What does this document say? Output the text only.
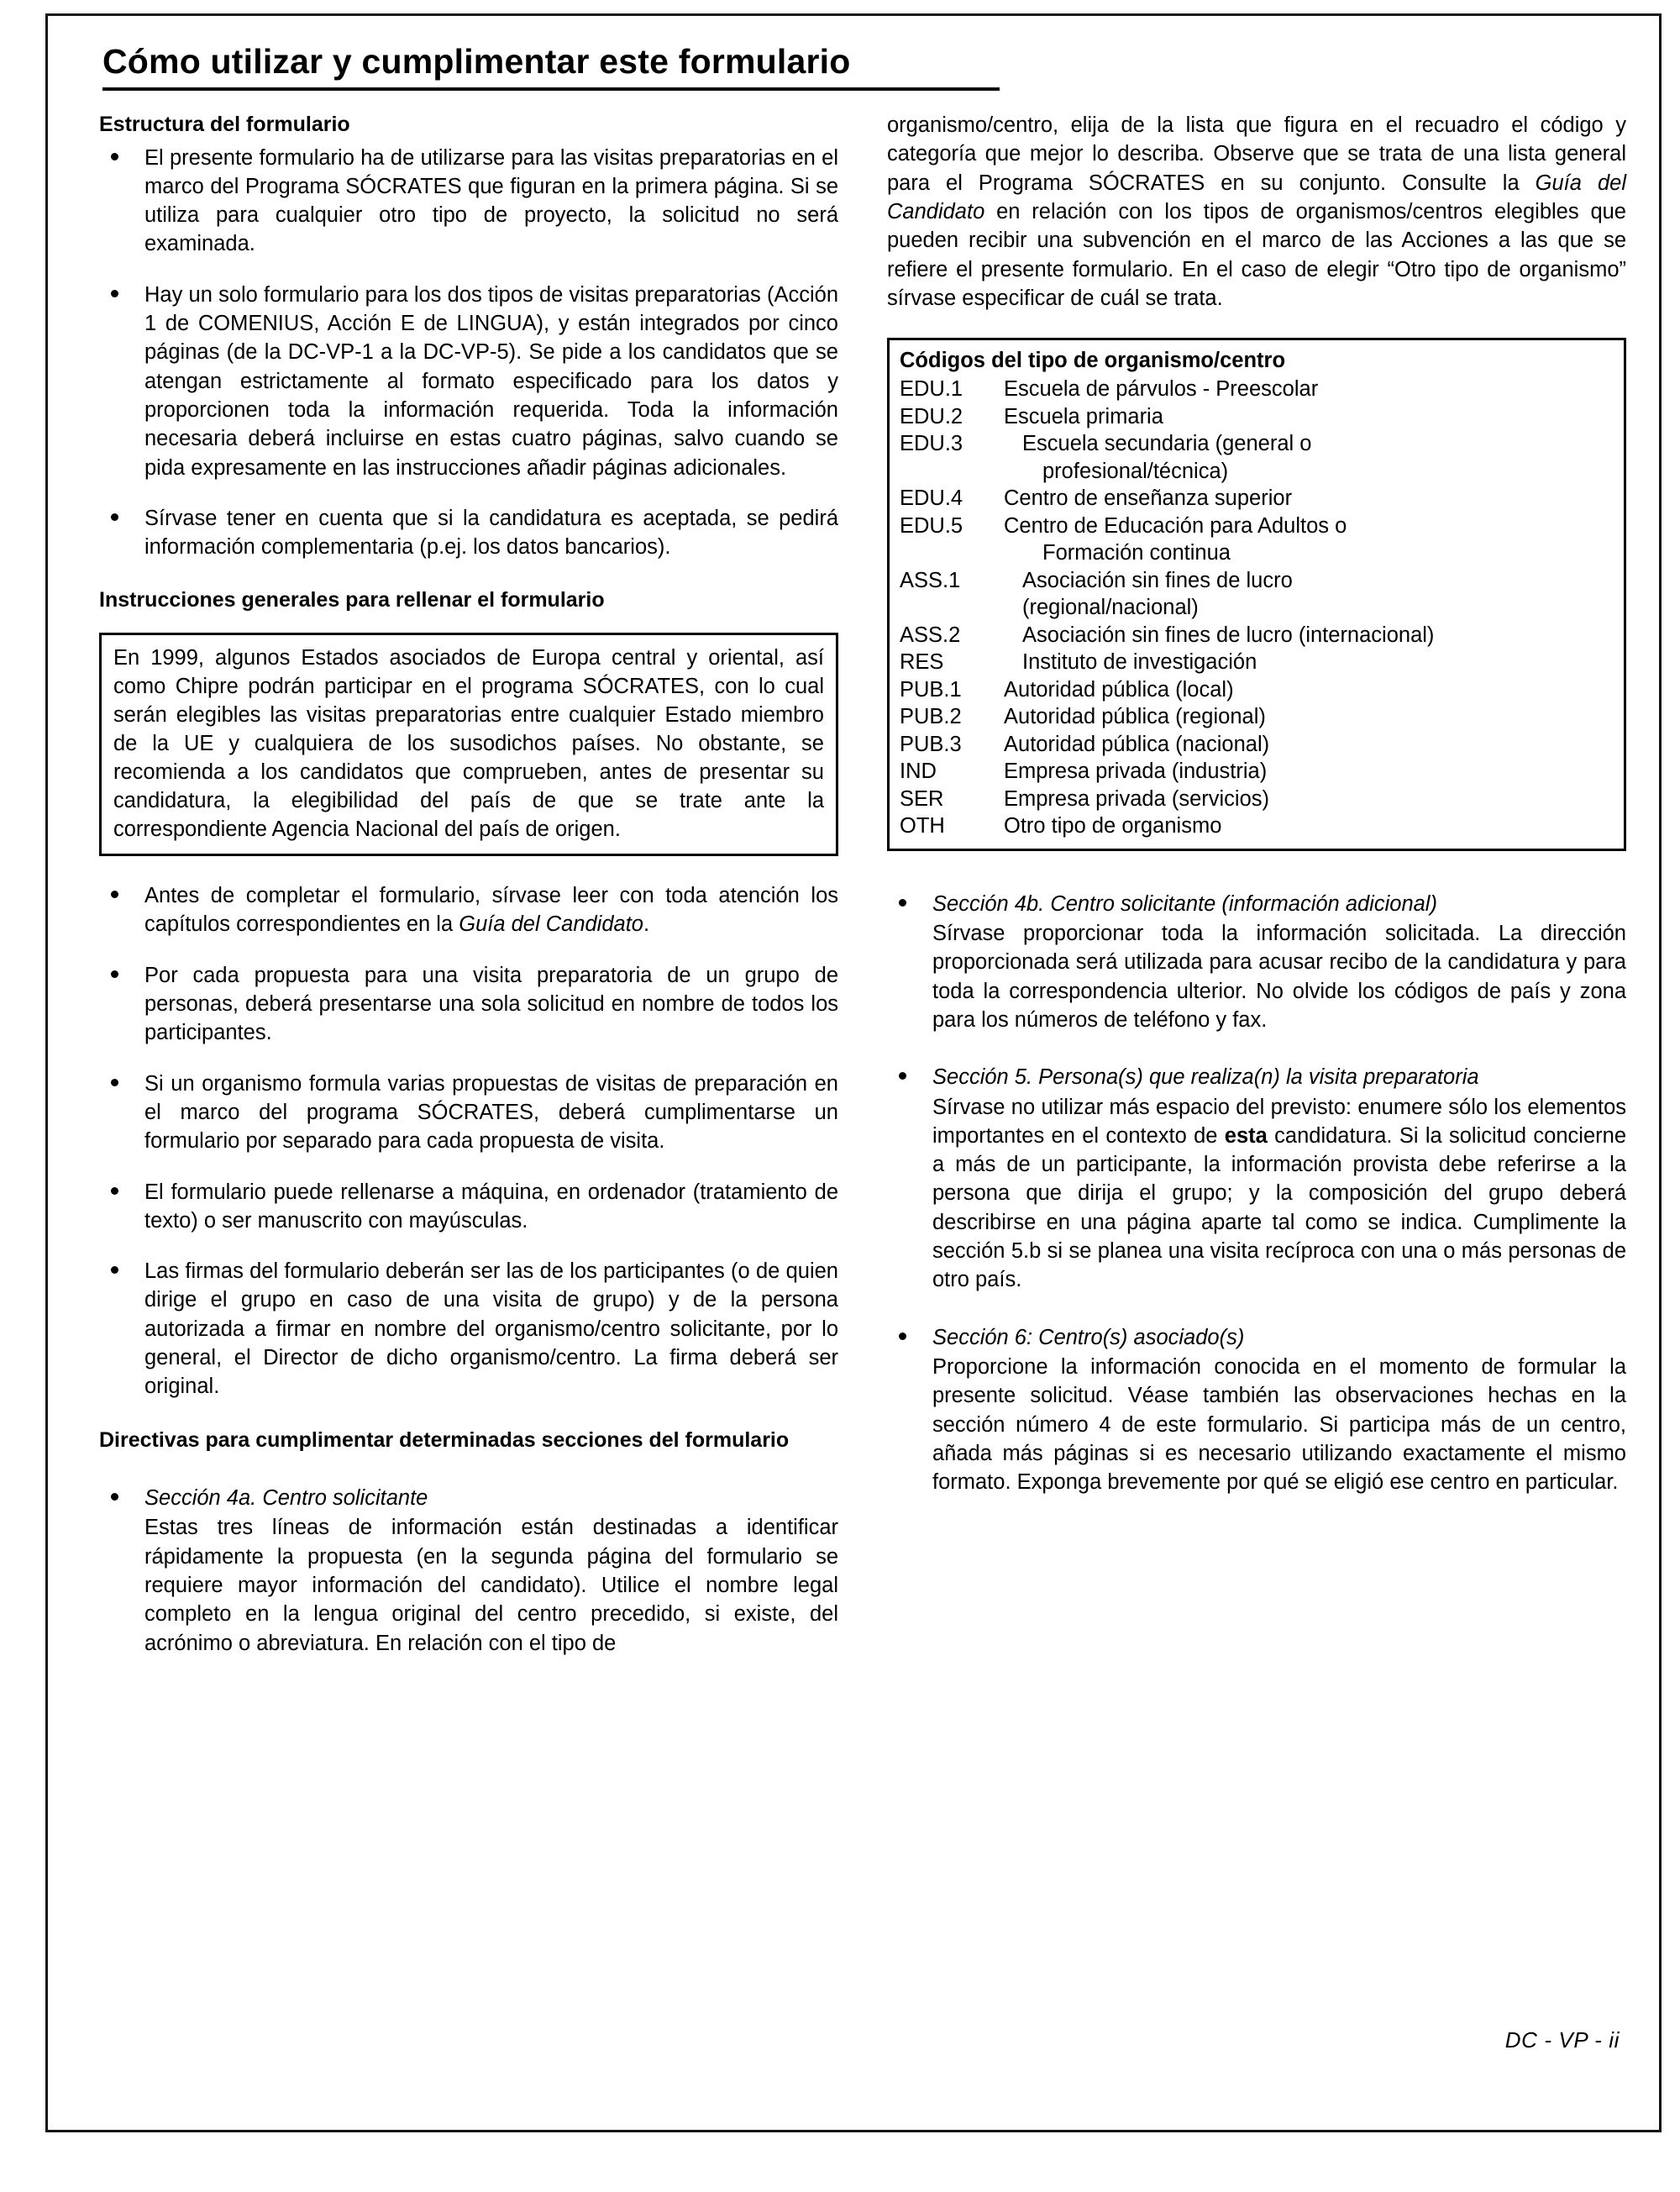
Cómo utilizar y cumplimentar este formulario
Estructura del formulario
El presente formulario ha de utilizarse para las visitas preparatorias en el marco del Programa SÓCRATES que figuran en la primera página. Si se utiliza para cualquier otro tipo de proyecto, la solicitud no será examinada.
Hay un solo formulario para los dos tipos de visitas preparatorias (Acción 1 de COMENIUS, Acción E de LINGUA), y están integrados por cinco páginas (de la DC-VP-1 a la DC-VP-5). Se pide a los candidatos que se atengan estrictamente al formato especificado para los datos y proporcionen toda la información requerida. Toda la información necesaria deberá incluirse en estas cuatro páginas, salvo cuando se pida expresamente en las instrucciones añadir páginas adicionales.
Sírvase tener en cuenta que si la candidatura es aceptada, se pedirá información complementaria (p.ej. los datos bancarios).
Instrucciones generales para rellenar el formulario
En 1999, algunos Estados asociados de Europa central y oriental, así como Chipre podrán participar en el programa SÓCRATES, con lo cual serán elegibles las visitas preparatorias entre cualquier Estado miembro de la UE y cualquiera de los susodichos países. No obstante, se recomienda a los candidatos que comprueben, antes de presentar su candidatura, la elegibilidad del país de que se trate ante la correspondiente Agencia Nacional del país de origen.
Antes de completar el formulario, sírvase leer con toda atención los capítulos correspondientes en la Guía del Candidato.
Por cada propuesta para una visita preparatoria de un grupo de personas, deberá presentarse una sola solicitud en nombre de todos los participantes.
Si un organismo formula varias propuestas de visitas de preparación en el marco del programa SÓCRATES, deberá cumplimentarse un formulario por separado para cada propuesta de visita.
El formulario puede rellenarse a máquina, en ordenador (tratamiento de texto) o ser manuscrito con mayúsculas.
Las firmas del formulario deberán ser las de los participantes (o de quien dirige el grupo en caso de una visita de grupo) y de la persona autorizada a firmar en nombre del organismo/centro solicitante, por lo general, el Director de dicho organismo/centro. La firma deberá ser original.
Directivas para cumplimentar determinadas secciones del formulario
Sección 4a. Centro solicitante
Estas tres líneas de información están destinadas a identificar rápidamente la propuesta (en la segunda página del formulario se requiere mayor información del candidato). Utilice el nombre legal completo en la lengua original del centro precedido, si existe, del acrónimo o abreviatura. En relación con el tipo de
organismo/centro, elija de la lista que figura en el recuadro el código y categoría que mejor lo describa. Observe que se trata de una lista general para el Programa SÓCRATES en su conjunto. Consulte la Guía del Candidato en relación con los tipos de organismos/centros elegibles que pueden recibir una subvención en el marco de las Acciones a las que se refiere el presente formulario. En el caso de elegir “Otro tipo de organismo” sírvase especificar de cuál se trata.
Códigos del tipo de organismo/centro
EDU.1	Escuela de párvulos - Preescolar
EDU.2	Escuela primaria
EDU.3	Escuela secundaria (general o
	profesional/técnica)
EDU.4	Centro de enseñanza superior
EDU.5	Centro de Educación para Adultos o
	Formación continua
ASS.1	Asociación sin fines de lucro
	(regional/nacional)
ASS.2	Asociación sin fines de lucro (internacional)
RES	Instituto de investigación
PUB.1	Autoridad pública (local)
PUB.2	Autoridad pública (regional)
PUB.3	Autoridad pública (nacional)
IND	Empresa privada (industria)
SER	Empresa privada (servicios)
OTH	Otro tipo de organismo
Sección 4b. Centro solicitante (información adicional)
Sírvase proporcionar toda la información solicitada. La dirección proporcionada será utilizada para acusar recibo de la candidatura y para toda la correspondencia ulterior. No olvide los códigos de país y zona para los números de teléfono y fax.
Sección 5. Persona(s) que realiza(n) la visita preparatoria
Sírvase no utilizar más espacio del previsto: enumere sólo los elementos importantes en el contexto de esta candidatura. Si la solicitud concierne a más de un participante, la información provista debe referirse a la persona que dirija el grupo; y la composición del grupo deberá describirse en una página aparte tal como se indica. Cumplimente la sección 5.b si se planea una visita recíproca con una o más personas de otro país.
Sección 6: Centro(s) asociado(s)
Proporcione la información conocida en el momento de formular la presente solicitud. Véase también las observaciones hechas en la sección número 4 de este formulario. Si participa más de un centro, añada más páginas si es necesario utilizando exactamente el mismo formato. Exponga brevemente por qué se eligió ese centro en particular.
DC - VP - ii
